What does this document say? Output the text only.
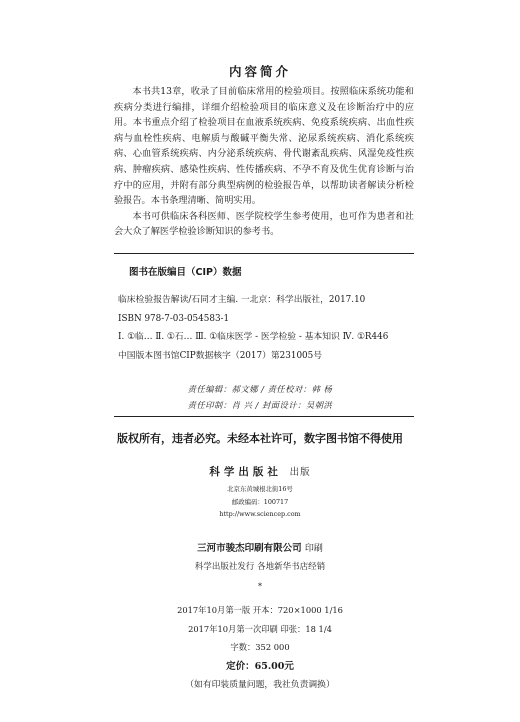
内容简介

本书共13章，收录了目前临床常用的检验项目。按照临床系统功能和疾病分类进行编排，详细介绍检验项目的临床意义及在诊断治疗中的应用。本书重点介绍了检验项目在血液系统疾病、免疫系统疾病、出血性疾病与血栓性疾病、电解质与酸碱平衡失常、泌尿系统疾病、消化系统疾病、心血管系统疾病、内分泌系统疾病、骨代谢紊乱疾病、风湿免疫性疾病、肿瘤疾病、感染性疾病、性传播疾病、不孕不育及优生优育诊断与治疗中的应用，并附有部分典型病例的检验报告单，以帮助读者解读分析检验报告。本书条理清晰、简明实用。

本书可供临床各科医师、医学院校学生参考使用，也可作为患者和社会大众了解医学检验诊断知识的参考书。

图书在版编目（CIP）数据
临床检验报告解读/石同才主编. 一北京：科学出版社，2017.10
ISBN 978-7-03-054583-1
Ⅰ. ①临… Ⅱ. ①石… Ⅲ. ①临床医学 - 医学检验 - 基本知识 Ⅳ. ①R446
中国版本图书馆CIP数据核字（2017）第231005号
责任编辑：郝文娜 / 责任校对：韩 杨
责任印制：肖 兴 / 封面设计：吴朝洪
版权所有，违者必究。未经本社许可，数字图书馆不得使用
科学出版社 出版
北京东黄城根北街16号
邮政编码：100717
http://www.sciencep.com
三河市骏杰印刷有限公司 印刷
科学出版社发行 各地新华书店经销
*
2017年10月第一版 开本：720×1000 1/16
2017年10月第一次印刷 印张：18 1/4
字数：352 000
定价：65.00元
（如有印装质量问题，我社负责调换）
